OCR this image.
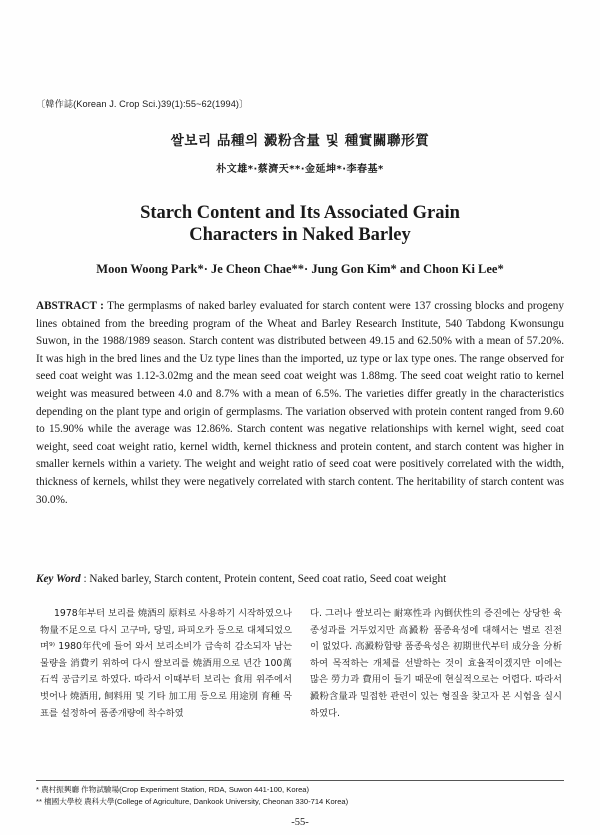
〔韓作誌(Korean J. Crop Sci.)39(1):55~62(1994)〕
쌀보리 品種의 澱粉含量 및 種實關聯形質
朴文雄*·蔡濟天**·金延坤*·李春基*
Starch Content and Its Associated Grain
Characters in Naked Barley
Moon Woong Park*· Je Cheon Chae**· Jung Gon Kim* and Choon Ki Lee*
ABSTRACT : The germplasms of naked barley evaluated for starch content were 137 crossing blocks and progeny lines obtained from the breeding program of the Wheat and Barley Research Institute, 540 Tabdong Kwonsungu Suwon, in the 1988/1989 season. Starch content was distributed between 49.15 and 62.50% with a mean of 57.20%. It was high in the bred lines and the Uz type lines than the imported, uz type or lax type ones. The range observed for seed coat weight was 1.12-3.02mg and the mean seed coat weight was 1.88mg. The seed coat weight ratio to kernel weight was measured between 4.0 and 8.7% with a mean of 6.5%. The varieties differ greatly in the characteristics depending on the plant type and origin of germplasms. The variation observed with protein content ranged from 9.60 to 15.90% while the average was 12.86%. Starch content was negative relationships with kernel wight, seed coat weight, seed coat weight ratio, kernel width, kernel thickness and protein content, and starch content was higher in smaller kernels within a variety. The weight and weight ratio of seed coat were positively correlated with the width, thickness of kernels, whilst they were negatively correlated with starch content. The heritability of starch content was 30.0%.
Key Word : Naked barley, Starch content, Protein content, Seed coat ratio, Seed coat weight
1978年부터 보리를 燒酒의 原料로 사용하기 시작하였으나 物量不足으로 다시 고구마, 당밀, 파피오카 등으로 대체되었으며⁹⁾ 1980年代에 들어 와서 보리소비가 급속히 감소되자 남는 물량을 消費키 위하여 다시 쌀보리를 燒酒用으로 년간 100萬石씩 공급키로 하였다. 따라서 이때부터 보리는 食用 위주에서 벗어나 燒酒用, 飼料用 및 기타 加工用 등으로 用途別 育種 목표를 설정하여 품종개량에 착수하였
다. 그러나 쌀보리는 耐寒性과 內倒伏性의 증진에는 상당한 육종성과를 거두었지만 高澱粉 품종육성에 대해서는 별로 진전이 없었다. 高澱粉함량 품종육성은 初期世代부터 成分을 分析하여 목적하는 개체를 선발하는 것이 효율적이겠지만 이에는 많은 勞力과 費用이 들기 때문에 현실적으로는 어렵다. 따라서 澱粉含量과 밀접한 관련이 있는 형질을 찾고자 본 시험을 실시하였다.
* 農村振興廳 作物試驗場(Crop Experiment Station, RDA, Suwon 441-100, Korea)
** 檀國大學校 農科大學(College of Agriculture, Dankook University, Cheonan 330-714 Korea)
-55-
